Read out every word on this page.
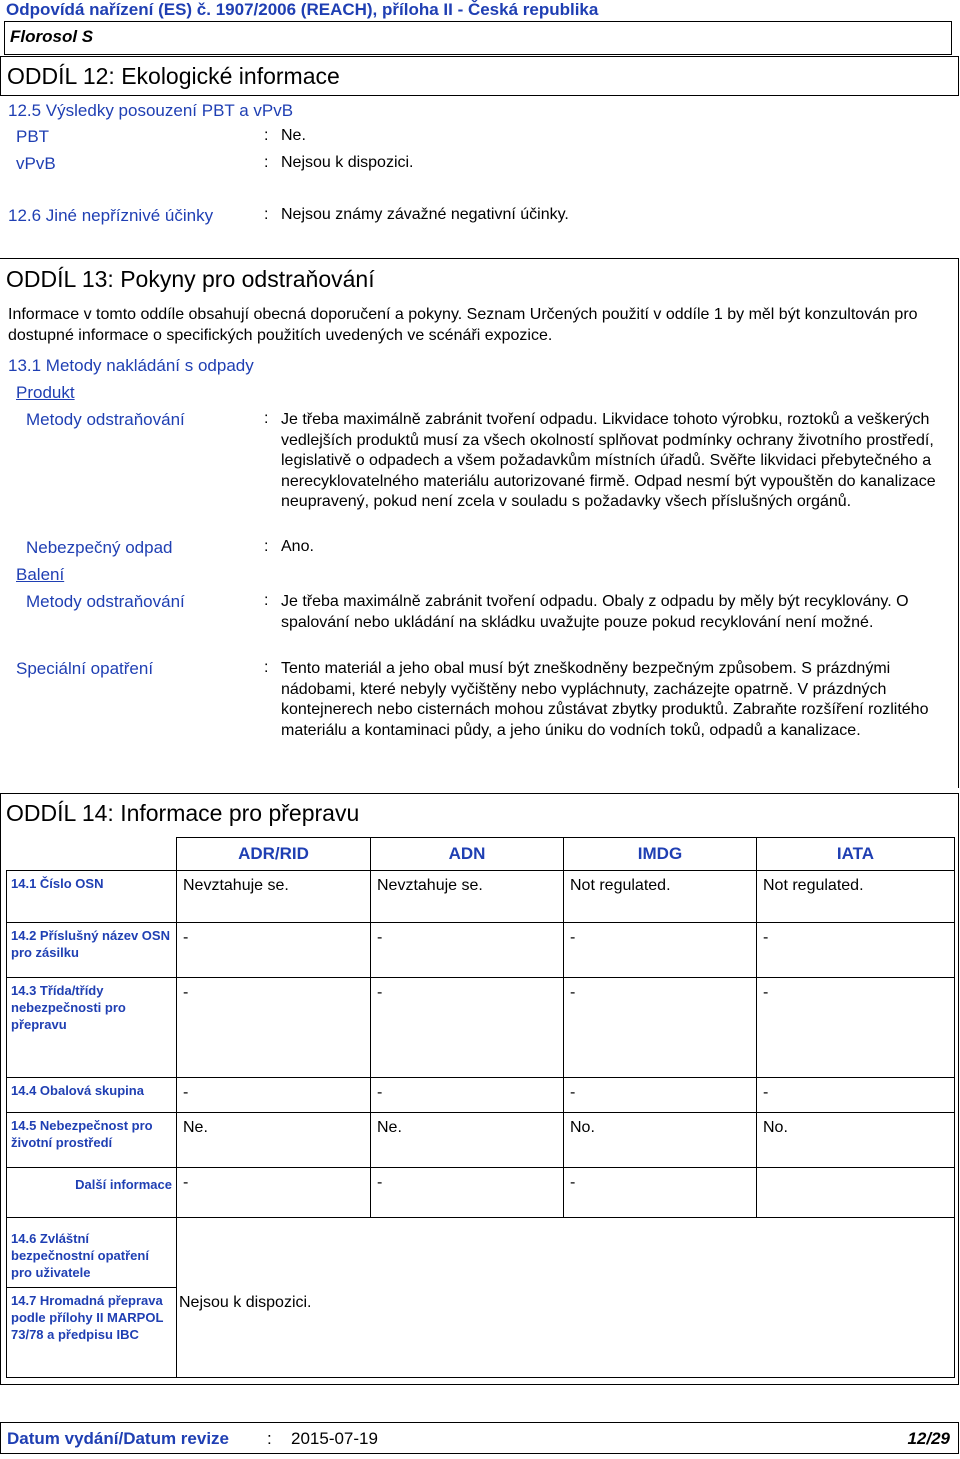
Odpovídá nařízení (ES) č. 1907/2006 (REACH), příloha II - Česká republika
Florosol S
ODDÍL 12: Ekologické informace
12.5 Výsledky posouzení PBT a vPvB
PBT	: Ne.
vPvB	: Nejsou k dispozici.
12.6 Jiné nepříznivé účinky	: Nejsou známy závažné negativní účinky.
ODDÍL 13: Pokyny pro odstraňování
Informace v tomto oddíle obsahují obecná doporučení a pokyny. Seznam Určených použití v oddíle 1 by měl být konzultován pro dostupné informace o specifických použitích uvedených ve scénáři expozice.
13.1 Metody nakládání s odpady
Produkt
Metody odstraňování	: Je třeba maximálně zabránit tvoření odpadu. Likvidace tohoto výrobku, roztoků a veškerých vedlejších produktů musí za všech okolností splňovat podmínky ochrany životního prostředí, legislativě o odpadech a všem požadavkům místních úřadů. Svěřte likvidaci přebytečného a nerecyklovatelného materiálu autorizované firmě. Odpad nesmí být vypouštěn do kanalizace neupravený, pokud není zcela v souladu s požadavky všech příslušných orgánů.
Nebezpečný odpad	: Ano.
Balení
Metody odstraňování	: Je třeba maximálně zabránit tvoření odpadu. Obaly z odpadu by měly být recyklovány. O spalování nebo ukládání na skládku uvažujte pouze pokud recyklování není možné.
Speciální opatření	: Tento materiál a jeho obal musí být zneškodněny bezpečným způsobem. S prázdnými nádobami, které nebyly vyčištěny nebo vypláchnuty, zacházejte opatrně. V prázdných kontejnerech nebo cisternách mohou zůstávat zbytky produktů. Zabraňte rozšíření rozlitého materiálu a kontaminaci půdy, a jeho úniku do vodních toků, odpadů a kanalizace.
ODDÍL 14: Informace pro přepravu
	ADR/RID	ADN	IMDG	IATA
14.1 Číslo OSN	Nevztahuje se.	Nevztahuje se.	Not regulated.	Not regulated.
14.2 Příslušný název OSN pro zásilku	-	-	-	-
14.3 Třída/třídy nebezpečnosti pro přepravu	-	-	-	-
14.4 Obalová skupina	-	-	-	-
14.5 Nebezpečnost pro životní prostředí	Ne.	Ne.	No.	No.
Další informace	-	-	-	
14.6 Zvláštní bezpečnostní opatření pro uživatele				
14.7 Hromadná přeprava podle přílohy II MARPOL 73/78 a předpisu IBC	Nejsou k dispozici.			
Datum vydání/Datum revize : 2015-07-19	12/29
